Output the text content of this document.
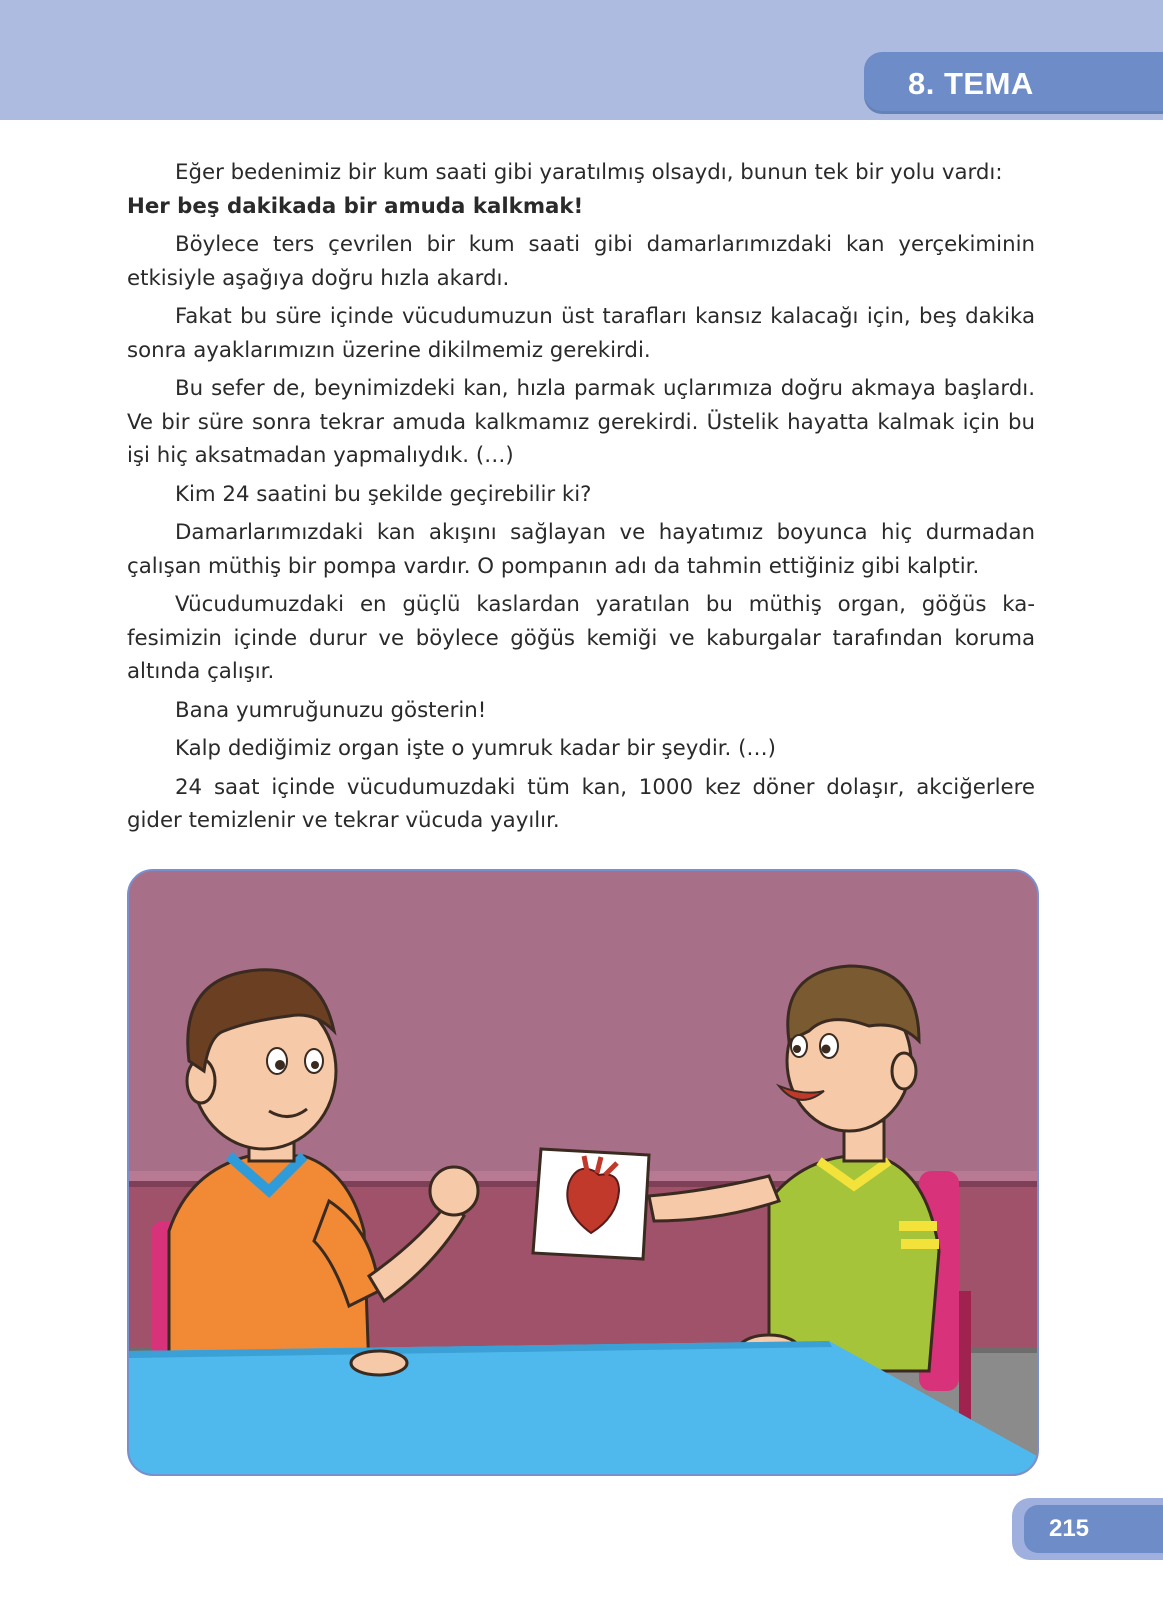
8. TEMA

Eğer bedenimiz bir kum saati gibi yaratılmış olsaydı, bunun tek bir yolu vardı:

Her beş dakikada bir amuda kalkmak!

Böylece ters çevrilen bir kum saati gibi damarlarımızdaki kan yerçekiminin etkisiyle aşağıya doğru hızla akardı.

Fakat bu süre içinde vücudumuzun üst tarafları kansız kalacağı için, beş dakika sonra ayaklarımızın üzerine dikilmemiz gerekirdi.

Bu sefer de, beynimizdeki kan, hızla parmak uçlarımıza doğru akmaya başlardı. Ve bir süre sonra tekrar amuda kalkmamız gerekirdi. Üstelik hayatta kalmak için bu işi hiç aksatmadan yapmalıydık. (…)

Kim 24 saatini bu şekilde geçirebilir ki?

Damarlarımızdaki kan akışını sağlayan ve hayatımız boyunca hiç durmadan çalışan müthiş bir pompa vardır. O pompanın adı da tahmin ettiğiniz gibi kalptir.

Vücudumuzdaki en güçlü kaslardan yaratılan bu müthiş organ, göğüs kafesimizin içinde durur ve böylece göğüs kemiği ve kaburgalar tarafından koruma altında çalışır.

Bana yumruğunuzu gösterin!

Kalp dediğimiz organ işte o yumruk kadar bir şeydir. (…)

24 saat içinde vücudumuzdaki tüm kan, 1000 kez döner dolaşır, akciğerlere gider temizlenir ve tekrar vücuda yayılır.

215
